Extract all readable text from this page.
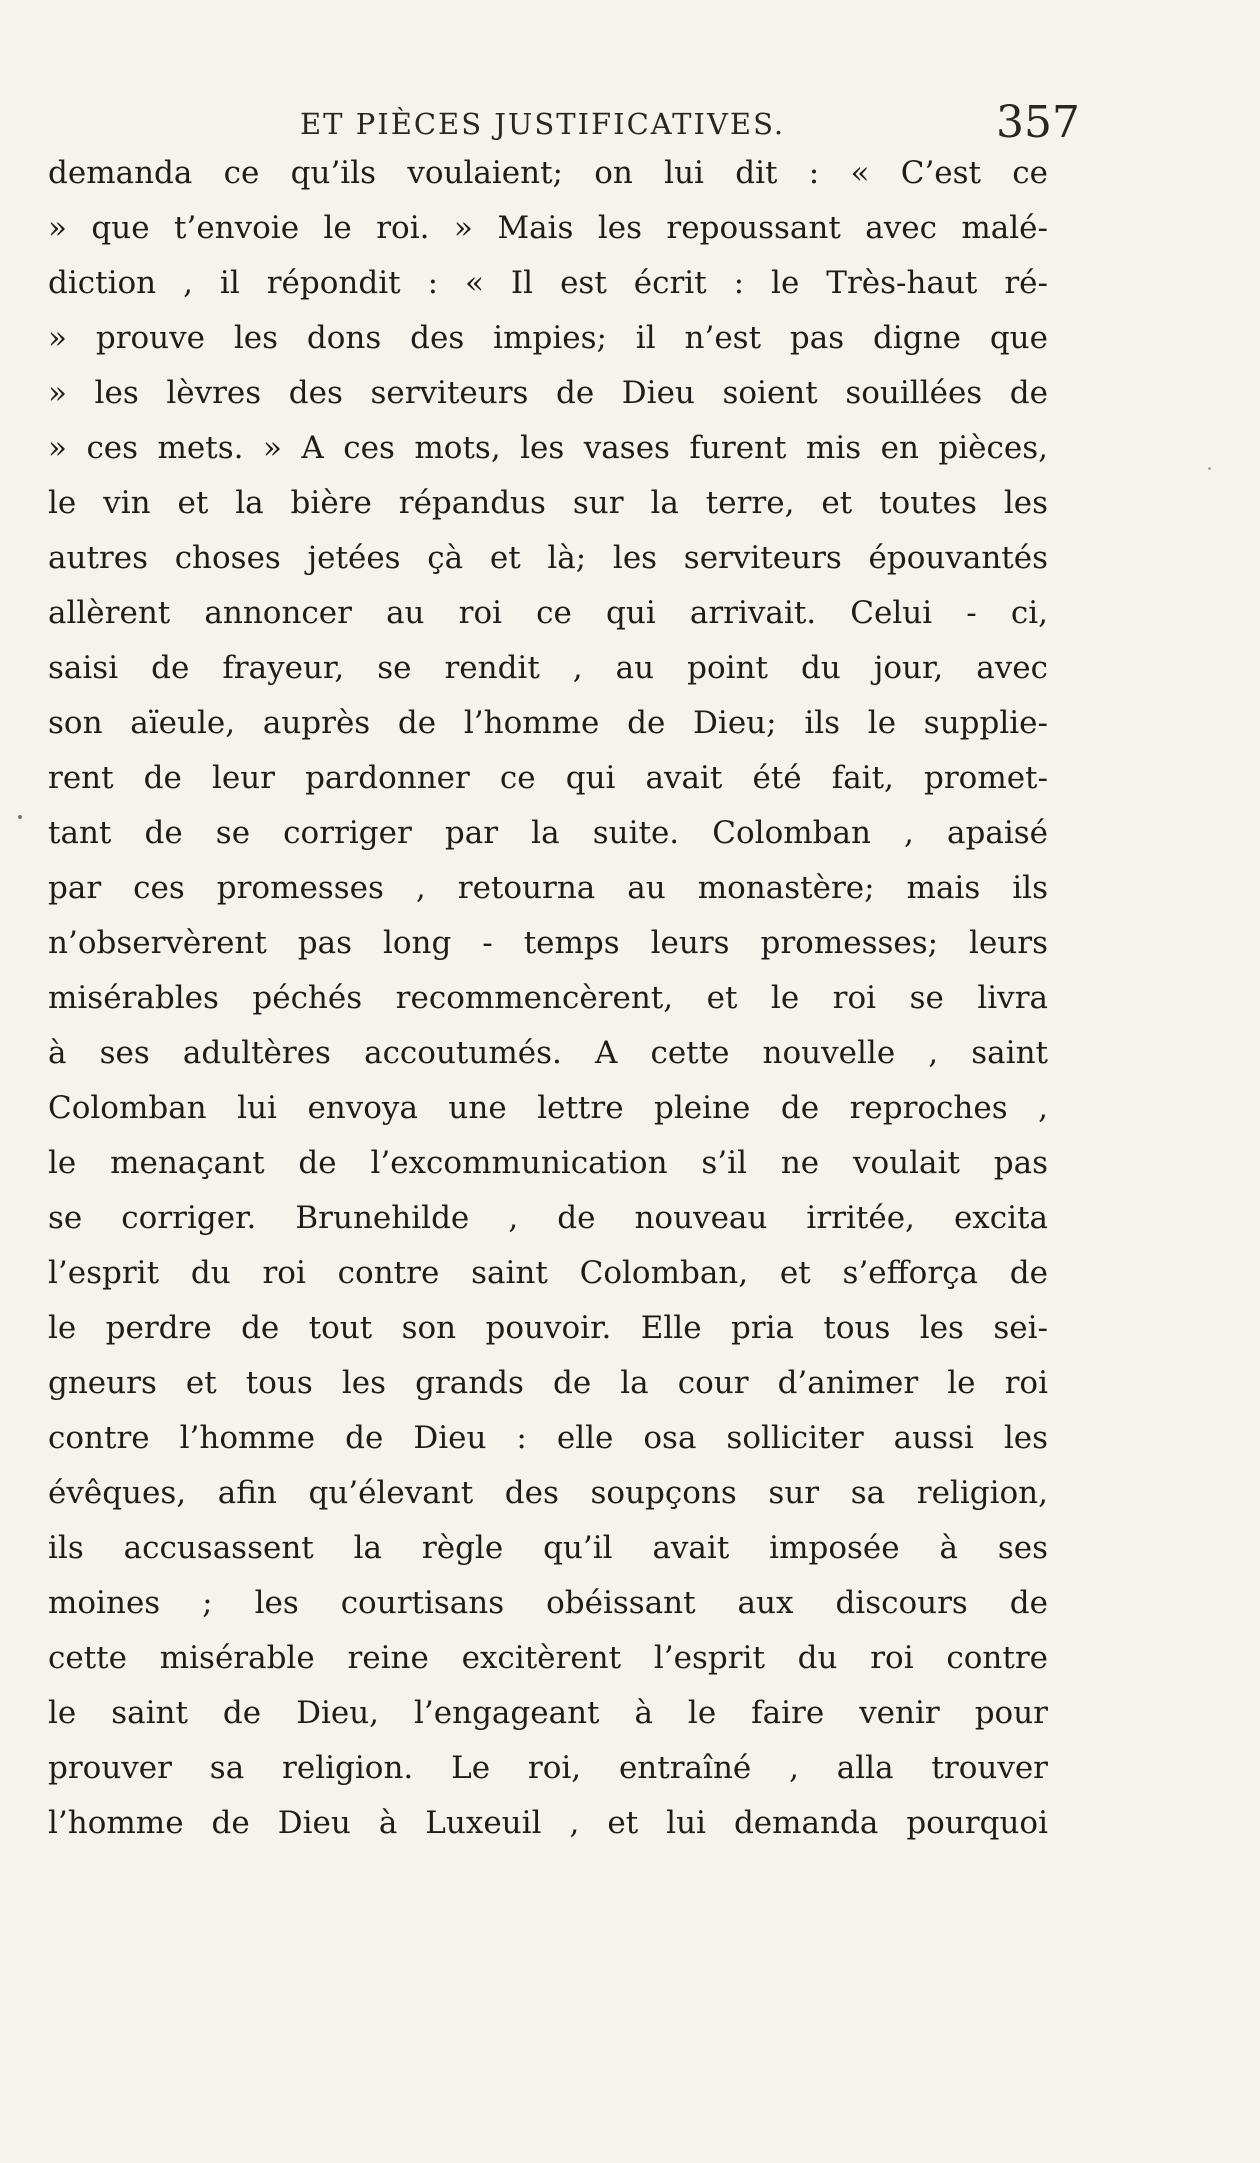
ET PIÈCES JUSTIFICATIVES.	357
demanda ce qu’ils voulaient; on lui dit : « C’est ce
» que t’envoie le roi. » Mais les repoussant avec malé-
diction , il répondit : « Il est écrit : le Très-haut ré-
» prouve les dons des impies; il n’est pas digne que
» les lèvres des serviteurs de Dieu soient souillées de
» ces mets. » A ces mots, les vases furent mis en pièces,
le vin et la bière répandus sur la terre, et toutes les
autres choses jetées çà et là; les serviteurs épouvantés
allèrent annoncer au roi ce qui arrivait. Celui - ci,
saisi de frayeur, se rendit , au point du jour, avec
son aïeule, auprès de l’homme de Dieu; ils le supplie-
rent de leur pardonner ce qui avait été fait, promet-
tant de se corriger par la suite. Colomban , apaisé
par ces promesses , retourna au monastère; mais ils
n’observèrent pas long - temps leurs promesses; leurs
misérables péchés recommencèrent, et le roi se livra
à ses adultères accoutumés. A cette nouvelle , saint
Colomban lui envoya une lettre pleine de reproches ,
le menaçant de l’excommunication s’il ne voulait pas
se corriger. Brunehilde , de nouveau irritée, excita
l’esprit du roi contre saint Colomban, et s’efforça de
le perdre de tout son pouvoir. Elle pria tous les sei-
gneurs et tous les grands de la cour d’animer le roi
contre l’homme de Dieu : elle osa solliciter aussi les
évêques, afin qu’élevant des soupçons sur sa religion,
ils accusassent la règle qu’il avait imposée à ses
moines ; les courtisans obéissant aux discours de
cette misérable reine excitèrent l’esprit du roi contre
le saint de Dieu, l’engageant à le faire venir pour
prouver sa religion. Le roi, entraîné , alla trouver
l’homme de Dieu à Luxeuil , et lui demanda pourquoi
